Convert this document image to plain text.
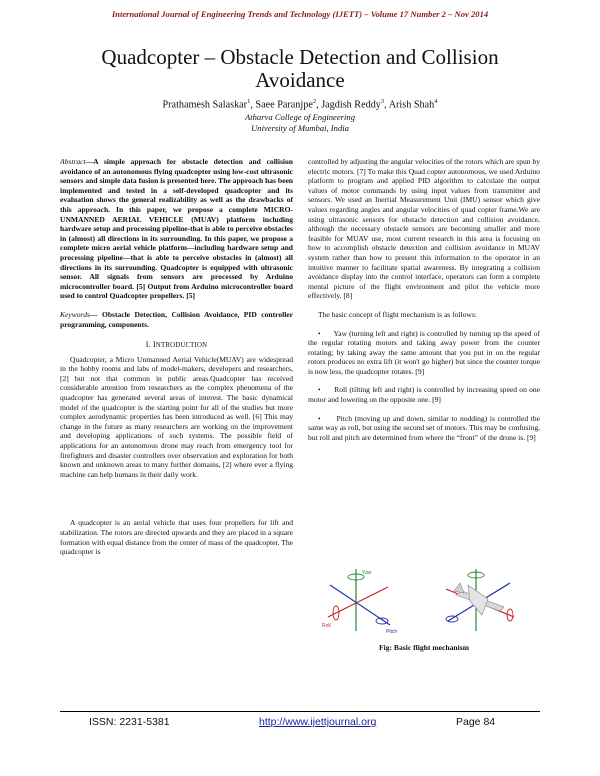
International Journal of Engineering Trends and Technology (IJETT) – Volume 17 Number 2 – Nov 2014
Quadcopter – Obstacle Detection and Collision Avoidance
Prathamesh Salaskar$^1$, Saee Paranjpe$^2$, Jagdish Reddy$^3$, Arish Shah$^4$
Atharva College of Engineering
University of Mumbai, India

Abstract—A simple approach for obstacle detection and collision avoidance of an autonomous flying quadcopter using low-cost ultrasonic sensors and simple data fusion is presented here. The approach has been implemented and tested in a self-developed quadcopter and its evaluation shows the general realizability as well as the drawbacks of this approach. In this paper, we propose a complete MICRO-UNMANNED AERIAL VEHICLE (MUAV) platform including hardware setup and processing pipeline-that is able to perceive obstacles in (almost) all directions in its surrounding. In this paper, we propose a complete micro aerial vehicle platform—including hardware setup and processing pipeline—that is able to perceive obstacles in (almost) all directions in its surrounding. Quadcopter is equipped with ultrasonic sensor. All signals from sensors are processed by Arduino microcontroller board. [5] Output from Arduino microcontroller board used to control Quadcopter propellers. [5]

Keywords— Obstacle Detection, Collision Avoidance, PID controller programming, components.

I. INTRODUCTION

Quadcopter, a Micro Unmanned Aerial Vehicle(MUAV) are widespread in the hobby rooms and labs of model-makers, developers and researchers, [2] but not that common in public areas.Quadcopter has received considerable attention from researchers as the complex phenomena of the quadcopter has generated several areas of interest. The basic dynamical model of the quadcopter is the starting point for all of the studies but more complex aerodynamic properties has been introduced as well. [6] This may change in the future as many researchers are working on the improvement and developing applications of such systems. The possible field of applications for an autonomous drone may reach from emergency tool for firefighters and disaster controllers over observation and exploration for both known and unknown areas to many further domains, [2] where ever a flying machine can help humans in their daily work.

A quadcopter is an aerial vehicle that uses four propellers for lift and stabilization. The rotors are directed upwards and they are placed in a square formation with equal distance from the center of mass of the quadcopter. The quadcopter is

controlled by adjusting the angular velocities of the rotors which are spun by electric motors. [7] To make this Quad copter autonomous, we used Arduino platform to program and applied PID algorithm to calculate the output values of motor commands by using input values from transmitter and sensors. We used an Inertial Measurement Unit (IMU) sensor which give values regarding angles and angular velocities of quad copter frame.We are using ultrasonic sensors for obstacle detection and collision avoidance, although the necessary obstacle sensors are becoming smaller and more feasible for MUAV use, most current research in this area is focusing on how to accomplish obstacle detection and collision avoidance in MUAV system rather than how to present this information to the operator in an intuitive manner to facilitate spatial awareness. By integrating a collision avoidance display into the control interface, operators can form a complete mental picture of the flight environment and pilot the vehicle more effectively. [8]

The basic concept of flight mechanism is as follows:

• Yaw (turning left and right) is controlled by turning up the speed of the regular rotating motors and taking away power from the counter rotating; by taking away the same amount that you put in on the regular rotors produces no extra lift (it won't go higher) but since the counter torque is now less, the quadcopter rotates. [9]

• Roll (tilting left and right) is controlled by increasing speed on one motor and lowering on the opposite one. [9]

• Pitch (moving up and down, similar to nodding) is controlled the same way as roll, but using the second set of motors. This may be confusing, but roll and pitch are determined from where the “front” of the drone is. [9]

Yaw
Pitch
Roll
Fig: Basic flight mechanism
ISSN: 2231-5381	http://www.ijettjournal.org	Page 84
